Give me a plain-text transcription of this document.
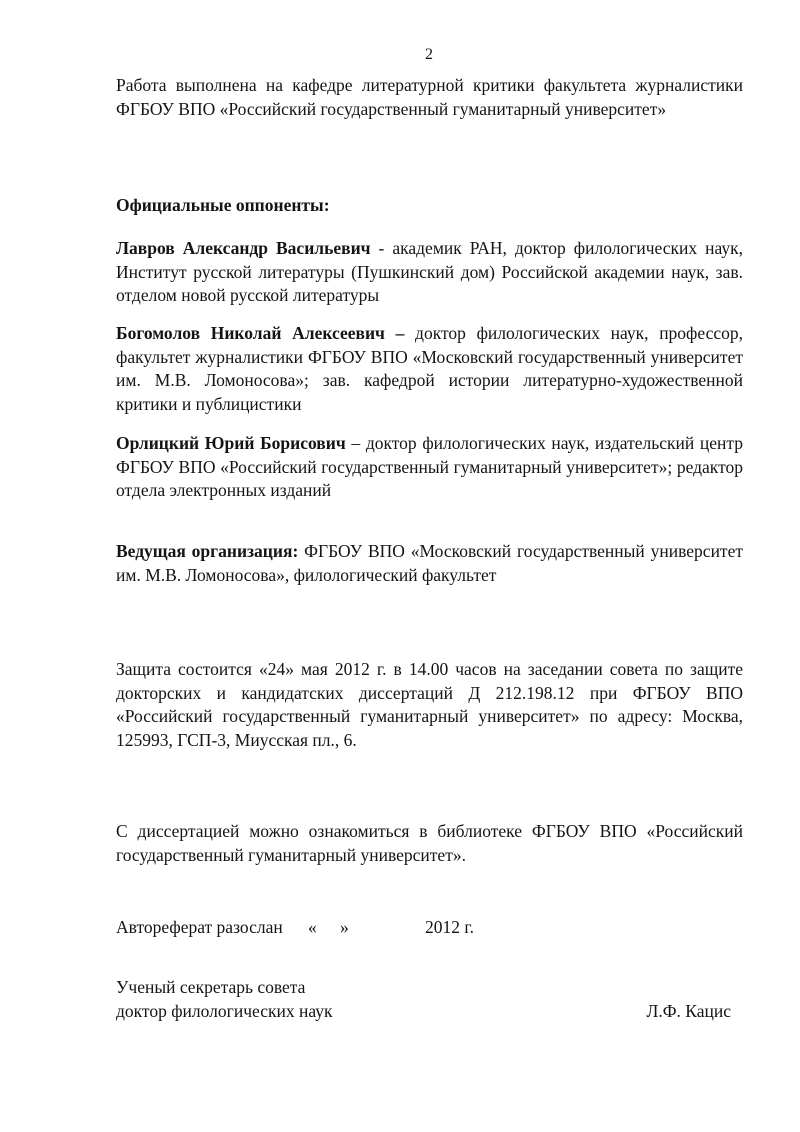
2

Работа выполнена на кафедре литературной критики факультета журналистики ФГБОУ ВПО «Российский государственный гуманитарный университет»

Официальные оппоненты:

Лавров Александр Васильевич - академик РАН, доктор филологических наук, Институт русской литературы (Пушкинский дом) Российской академии наук, зав. отделом новой русской литературы

Богомолов Николай Алексеевич – доктор филологических наук, профессор, факультет журналистики ФГБОУ ВПО «Московский государственный университет им. М.В. Ломоносова»; зав. кафедрой истории литературно-художественной критики и публицистики

Орлицкий Юрий Борисович – доктор филологических наук, издательский центр ФГБОУ ВПО «Российский государственный гуманитарный университет»; редактор отдела электронных изданий

Ведущая организация: ФГБОУ ВПО «Московский государственный университет им. М.В. Ломоносова», филологический факультет

Защита состоится «24» мая 2012 г. в 14.00 часов на заседании совета по защите докторских и кандидатских диссертаций Д 212.198.12 при ФГБОУ ВПО «Российский государственный гуманитарный университет» по адресу: Москва, 125993, ГСП-3, Миусская пл., 6.

С диссертацией можно ознакомиться в библиотеке ФГБОУ ВПО «Российский государственный гуманитарный университет».

Автореферат разослан « »	2012 г.
Ученый секретарь совета
доктор филологических наук	Л.Ф. Кацис
